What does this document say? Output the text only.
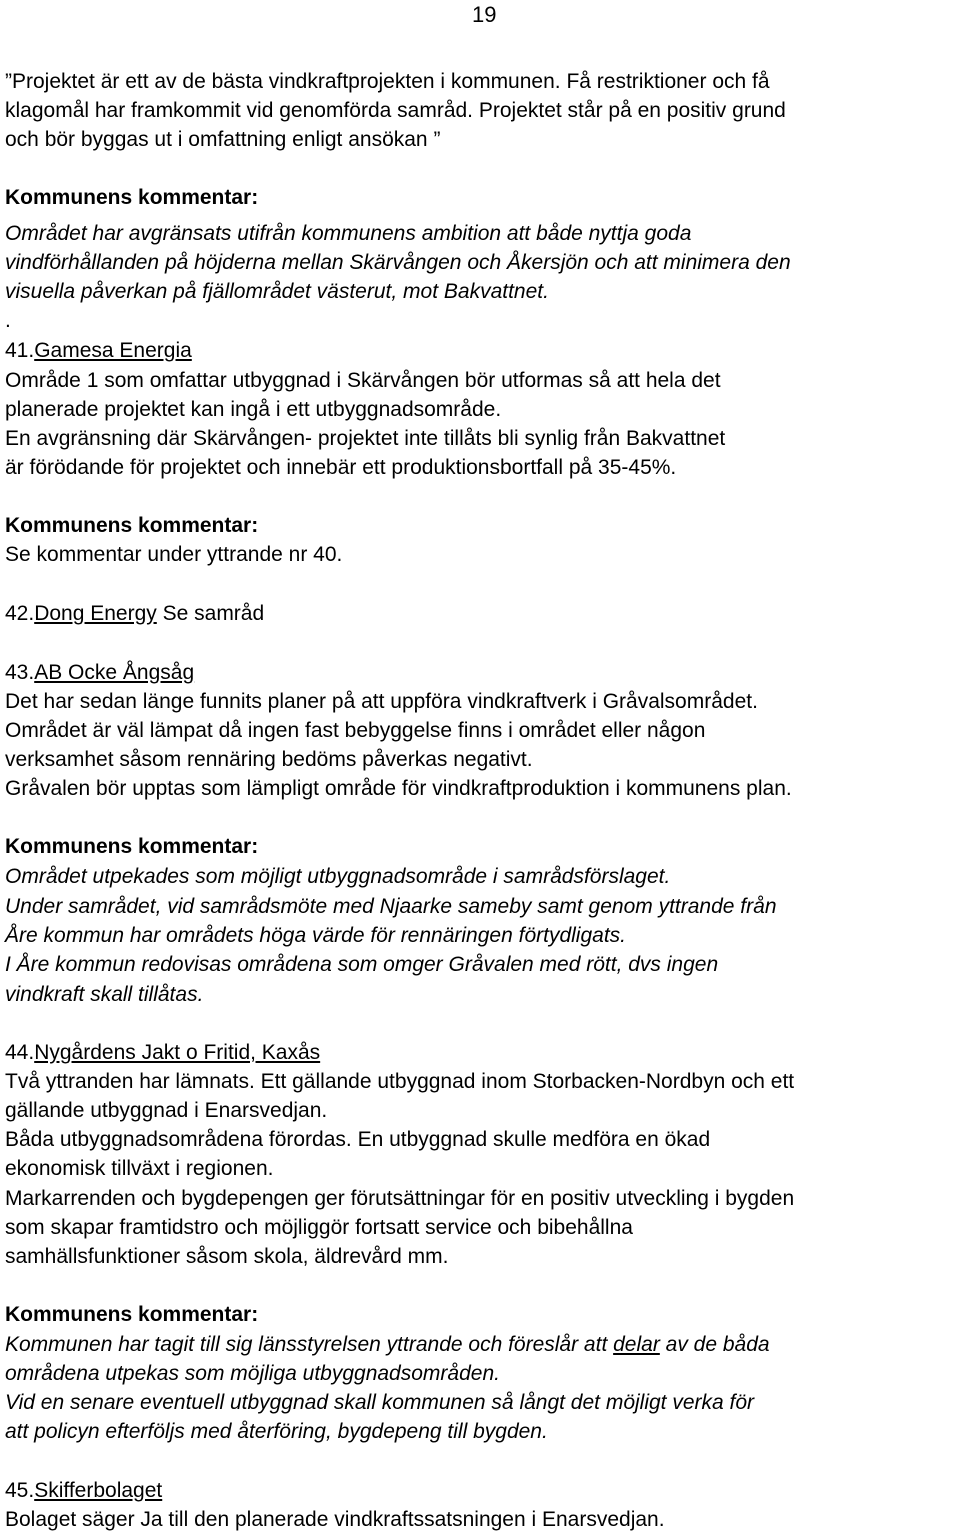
19
”Projektet är ett av de bästa vindkraftprojekten i kommunen. Få restriktioner och få
klagomål har framkommit vid genomförda samråd. Projektet står på en positiv grund
och bör byggas ut i omfattning enligt ansökan ”
Kommunens kommentar:
Området har avgränsats utifrån kommunens ambition att både nyttja goda
vindförhållanden på höjderna mellan Skärvången och Åkersjön och att minimera den
visuella påverkan på fjällområdet västerut, mot Bakvattnet.
.
41.Gamesa Energia
Område 1 som omfattar utbyggnad i Skärvången bör utformas så att hela det
planerade projektet kan ingå i ett utbyggnadsområde.
En avgränsning där Skärvången- projektet inte tillåts bli synlig från Bakvattnet
är förödande för projektet och innebär ett produktionsbortfall på 35-45%.
Kommunens kommentar:
Se kommentar under yttrande nr 40.
42.Dong Energy Se samråd
43.AB Ocke Ångsåg
Det har sedan länge funnits planer på att uppföra vindkraftverk i Gråvalsområdet.
Området är väl lämpat då ingen fast bebyggelse finns i området eller någon
verksamhet såsom rennäring bedöms påverkas negativt.
Gråvalen bör upptas som lämpligt område för vindkraftproduktion i kommunens plan.
Kommunens kommentar:
Området utpekades som möjligt utbyggnadsområde i samrådsförslaget.
Under samrådet, vid samrådsmöte med Njaarke sameby samt genom yttrande från
Åre kommun har områdets höga värde för rennäringen förtydligats.
I Åre kommun redovisas områdena som omger Gråvalen med rött, dvs ingen
vindkraft skall tillåtas.
44.Nygårdens Jakt o Fritid, Kaxås
Två yttranden har lämnats. Ett gällande utbyggnad inom Storbacken-Nordbyn och ett
gällande utbyggnad i Enarsvedjan.
Båda utbyggnadsområdena förordas. En utbyggnad skulle medföra en ökad
ekonomisk tillväxt i regionen.
Markarrenden och bygdepengen ger förutsättningar för en positiv utveckling i bygden
som skapar framtidstro och möjliggör fortsatt service och bibehållna
samhällsfunktioner såsom skola, äldrevård mm.
Kommunens kommentar:
Kommunen har tagit till sig länsstyrelsen yttrande och föreslår att delar av de båda
områdena utpekas som möjliga utbyggnadsområden.
Vid en senare eventuell utbyggnad skall kommunen så långt det möjligt verka för
att policyn efterföljs med återföring, bygdepeng till bygden.
45.Skifferbolaget
Bolaget säger Ja till den planerade vindkraftssatsningen i Enarsvedjan.
